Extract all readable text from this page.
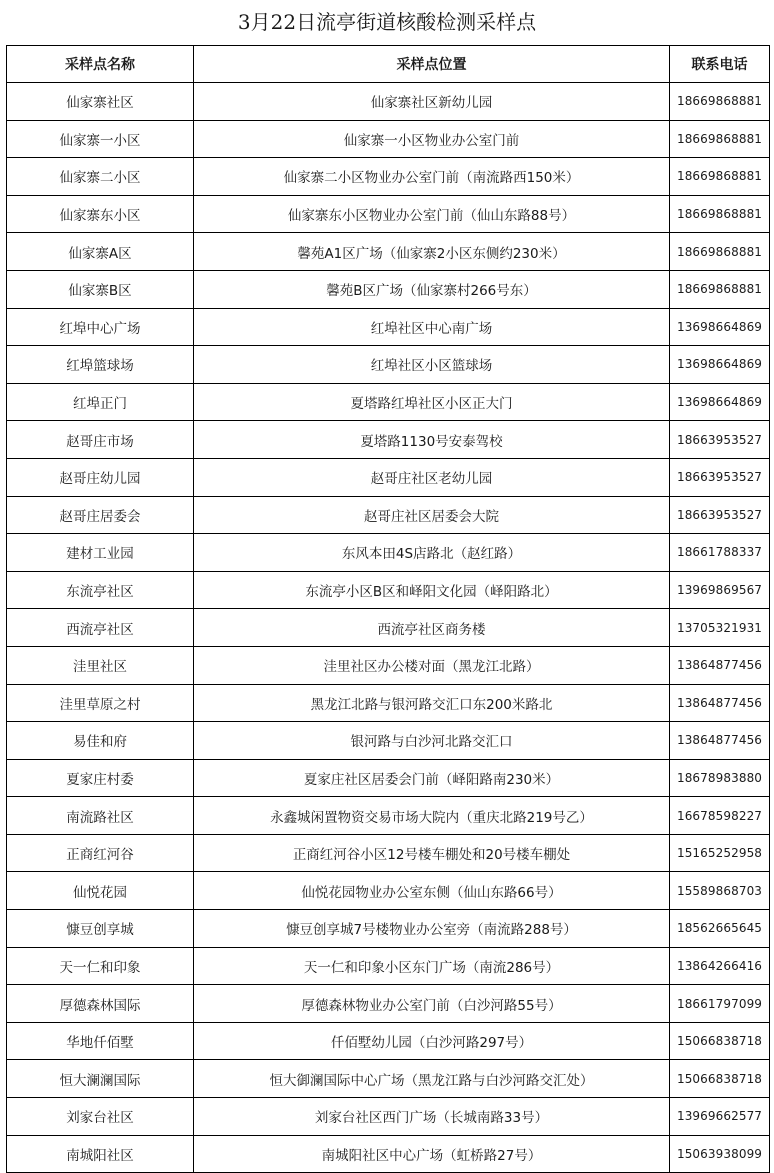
3月22日流亭街道核酸检测采样点
采样点名称	采样点位置	联系电话
仙家寨社区	仙家寨社区新幼儿园	18669868881
仙家寨一小区	仙家寨一小区物业办公室门前	18669868881
仙家寨二小区	仙家寨二小区物业办公室门前（南流路西150米）	18669868881
仙家寨东小区	仙家寨东小区物业办公室门前（仙山东路88号）	18669868881
仙家寨A区	馨苑A1区广场（仙家寨2小区东侧约230米）	18669868881
仙家寨B区	馨苑B区广场（仙家寨村266号东）	18669868881
红埠中心广场	红埠社区中心南广场	13698664869
红埠篮球场	红埠社区小区篮球场	13698664869
红埠正门	夏塔路红埠社区小区正大门	13698664869
赵哥庄市场	夏塔路1130号安泰驾校	18663953527
赵哥庄幼儿园	赵哥庄社区老幼儿园	18663953527
赵哥庄居委会	赵哥庄社区居委会大院	18663953527
建材工业园	东风本田4S店路北（赵红路）	18661788337
东流亭社区	东流亭小区B区和峄阳文化园（峄阳路北）	13969869567
西流亭社区	西流亭社区商务楼	13705321931
洼里社区	洼里社区办公楼对面（黑龙江北路）	13864877456
洼里草原之村	黑龙江北路与银河路交汇口东200米路北	13864877456
易佳和府	银河路与白沙河北路交汇口	13864877456
夏家庄村委	夏家庄社区居委会门前（峄阳路南230米）	18678983880
南流路社区	永鑫城闲置物资交易市场大院内（重庆北路219号乙）	16678598227
正商红河谷	正商红河谷小区12号楼车棚处和20号楼车棚处	15165252958
仙悦花园	仙悦花园物业办公室东侧（仙山东路66号）	15589868703
慷豆创享城	慷豆创享城7号楼物业办公室旁（南流路288号）	18562665645
天一仁和印象	天一仁和印象小区东门广场（南流286号）	13864266416
厚德森林国际	厚德森林物业办公室门前（白沙河路55号）	18661797099
华地仟佰墅	仟佰墅幼儿园（白沙河路297号）	15066838718
恒大澜澜国际	恒大御澜国际中心广场（黑龙江路与白沙河路交汇处）	15066838718
刘家台社区	刘家台社区西门广场（长城南路33号）	13969662577
南城阳社区	南城阳社区中心广场（虹桥路27号）	15063938099
